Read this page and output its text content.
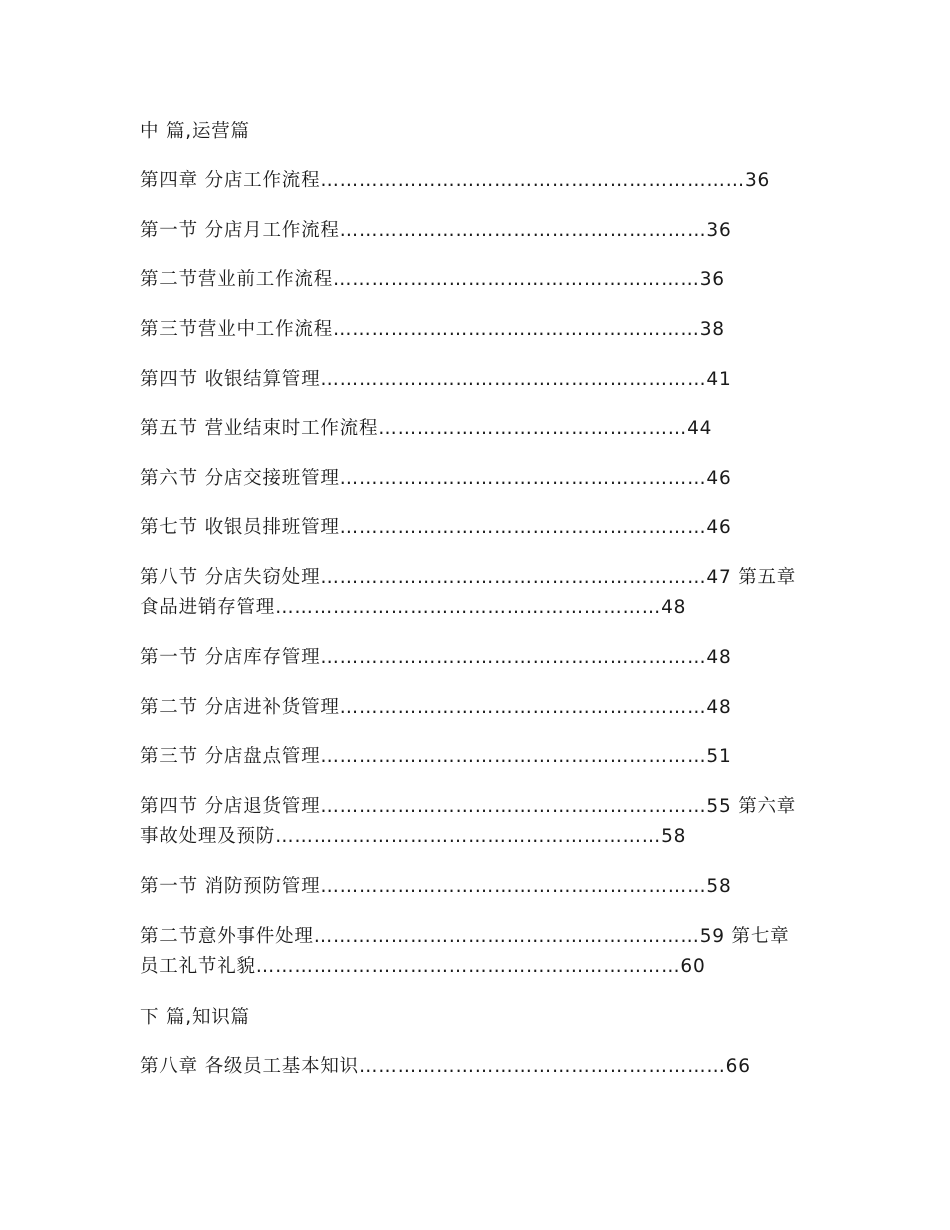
中 篇,运营篇
第四章 分店工作流程…………………………………………………………36
第一节 分店月工作流程…………………………………………………36
第二节营业前工作流程…………………………………………………36
第三节营业中工作流程…………………………………………………38
第四节 收银结算管理……………………………………………………41
第五节 营业结束时工作流程…………………………………………44
第六节 分店交接班管理…………………………………………………46
第七节 收银员排班管理…………………………………………………46
第八节 分店失窃处理……………………………………………………47 第五章 食品进销存管理……………………………………………………48
第一节 分店库存管理……………………………………………………48
第二节 分店进补货管理…………………………………………………48
第三节 分店盘点管理……………………………………………………51
第四节 分店退货管理……………………………………………………55 第六章 事故处理及预防……………………………………………………58
第一节 消防预防管理……………………………………………………58
第二节意外事件处理……………………………………………………59 第七章 员工礼节礼貌…………………………………………………………60
下 篇,知识篇
第八章 各级员工基本知识…………………………………………………66
